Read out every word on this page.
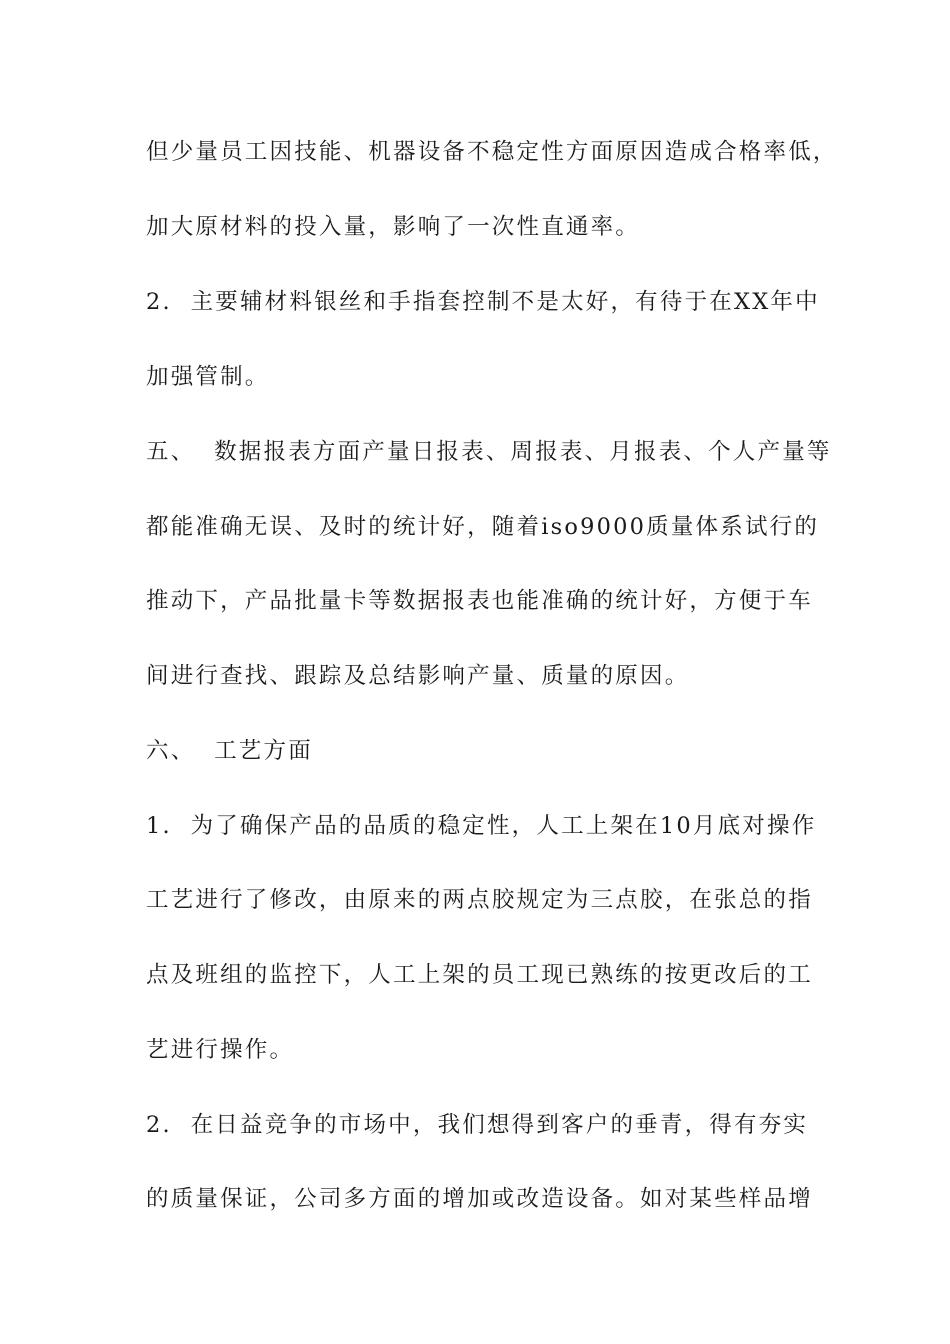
但少量员工因技能、机器设备不稳定性方面原因造成合格率低，
加大原材料的投入量，影响了一次性直通率。
2.  主要辅材料银丝和手指套控制不是太好，有待于在XX年中
加强管制。
五、  数据报表方面产量日报表、周报表、月报表、个人产量等
都能准确无误、及时的统计好，随着iso9000质量体系试行的
推动下，产品批量卡等数据报表也能准确的统计好，方便于车
间进行查找、跟踪及总结影响产量、质量的原因。
六、  工艺方面
1.  为了确保产品的品质的稳定性，人工上架在10月底对操作
工艺进行了修改，由原来的两点胶规定为三点胶，在张总的指
点及班组的监控下，人工上架的员工现已熟练的按更改后的工
艺进行操作。
2.  在日益竞争的市场中，我们想得到客户的垂青，得有夯实
的质量保证，公司多方面的增加或改造设备。如对某些样品增
